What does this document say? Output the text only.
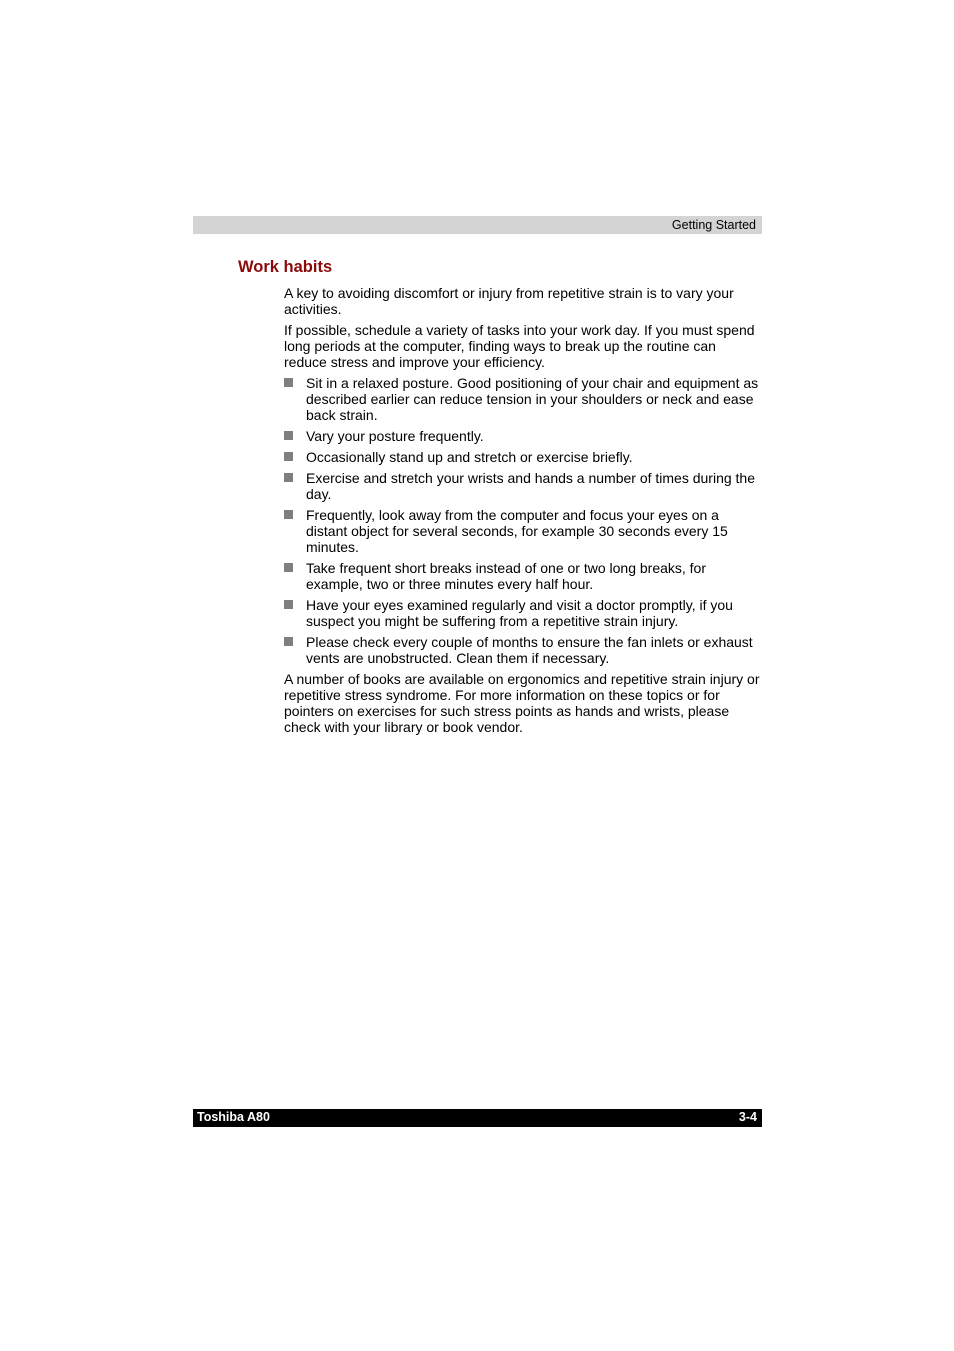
Getting Started
Work habits

A key to avoiding discomfort or injury from repetitive strain is to vary your activities.

If possible, schedule a variety of tasks into your work day. If you must spend long periods at the computer, finding ways to break up the routine can reduce stress and improve your efficiency.

Sit in a relaxed posture. Good positioning of your chair and equipment as described earlier can reduce tension in your shoulders or neck and ease back strain.
Vary your posture frequently.
Occasionally stand up and stretch or exercise briefly.
Exercise and stretch your wrists and hands a number of times during the day.
Frequently, look away from the computer and focus your eyes on a distant object for several seconds, for example 30 seconds every 15 minutes.
Take frequent short breaks instead of one or two long breaks, for example, two or three minutes every half hour.
Have your eyes examined regularly and visit a doctor promptly, if you suspect you might be suffering from a repetitive strain injury.
Please check every couple of months to ensure the fan inlets or exhaust vents are unobstructed. Clean them if necessary.

A number of books are available on ergonomics and repetitive strain injury or repetitive stress syndrome. For more information on these topics or for pointers on exercises for such stress points as hands and wrists, please check with your library or book vendor.

Toshiba A80	3-4
